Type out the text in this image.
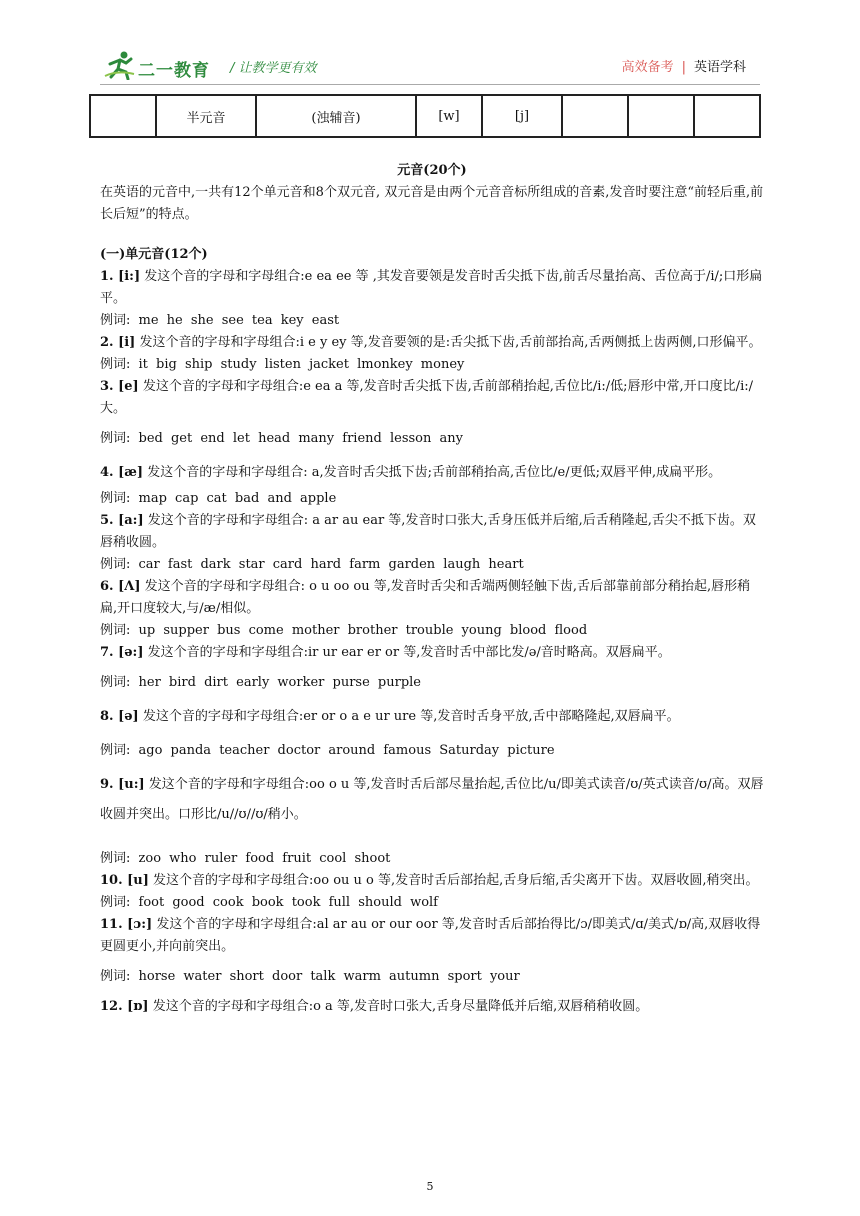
二一教育 / 让教学更有效	高效备考 | 英语学科
	半元音	(浊辅音)	[w]	[j]			

元音(20个)

在英语的元音中,一共有12个单元音和8个双元音, 双元音是由两个元音音标所组成的音素,发音时要注意“前轻后重,前长后短”的特点。

(一)单元音(12个)

1. [i:] 发这个音的字母和字母组合:e ea ee 等 ,其发音要领是发音时舌尖抵下齿,前舌尽量抬高、舌位高于/i/;口形扁平。

例词: me he she see tea key east

2. [i] 发这个音的字母和字母组合:i e y ey 等,发音要领的是:舌尖抵下齿,舌前部抬高,舌两侧抵上齿两侧,口形偏平。

例词: it big ship study listen jacket lmonkey money

3. [e] 发这个音的字母和字母组合:e ea a 等,发音时舌尖抵下齿,舌前部稍抬起,舌位比/i:/低;唇形中常,开口度比/i:/大。

例词: bed get end let head many friend lesson any

4. [æ] 发这个音的字母和字母组合: a,发音时舌尖抵下齿;舌前部稍抬高,舌位比/e/更低;双唇平伸,成扁平形。

例词: map cap cat bad and apple

5. [a:] 发这个音的字母和字母组合: a ar au ear 等,发音时口张大,舌身压低并后缩,后舌稍隆起,舌尖不抵下齿。双唇稍收圆。

例词: car fast dark star card hard farm garden laugh heart

6. [Λ] 发这个音的字母和字母组合: o u oo ou 等,发音时舌尖和舌端两侧轻触下齿,舌后部靠前部分稍抬起,唇形稍扁,开口度较大,与/æ/相似。

例词: up supper bus come mother brother trouble young blood flood

7. [ə:] 发这个音的字母和字母组合:ir ur ear er or 等,发音时舌中部比发/ə/音时略高。双唇扁平。

例词: her bird dirt early worker purse purple

8. [ə] 发这个音的字母和字母组合:er or o a e ur ure 等,发音时舌身平放,舌中部略隆起,双唇扁平。

例词: ago panda teacher doctor around famous Saturday picture

9. [u:] 发这个音的字母和字母组合:oo o u 等,发音时舌后部尽量抬起,舌位比/u/即美式读音/ʊ/英式读音/ʊ/高。双唇收圆并突出。口形比/u//ʊ//ʊ/稍小。

例词: zoo who ruler food fruit cool shoot

10. [u] 发这个音的字母和字母组合:oo ou u o 等,发音时舌后部抬起,舌身后缩,舌尖离开下齿。双唇收圆,稍突出。

例词: foot good cook book took full should wolf

11. [ɔ:] 发这个音的字母和字母组合:al ar au or our oor 等,发音时舌后部抬得比/ɔ/即美式/ɑ/美式/ɒ/高,双唇收得更圆更小,并向前突出。

例词: horse water short door talk warm autumn sport your

12. [ɒ] 发这个音的字母和字母组合:o a 等,发音时口张大,舌身尽量降低并后缩,双唇稍稍收圆。

5
